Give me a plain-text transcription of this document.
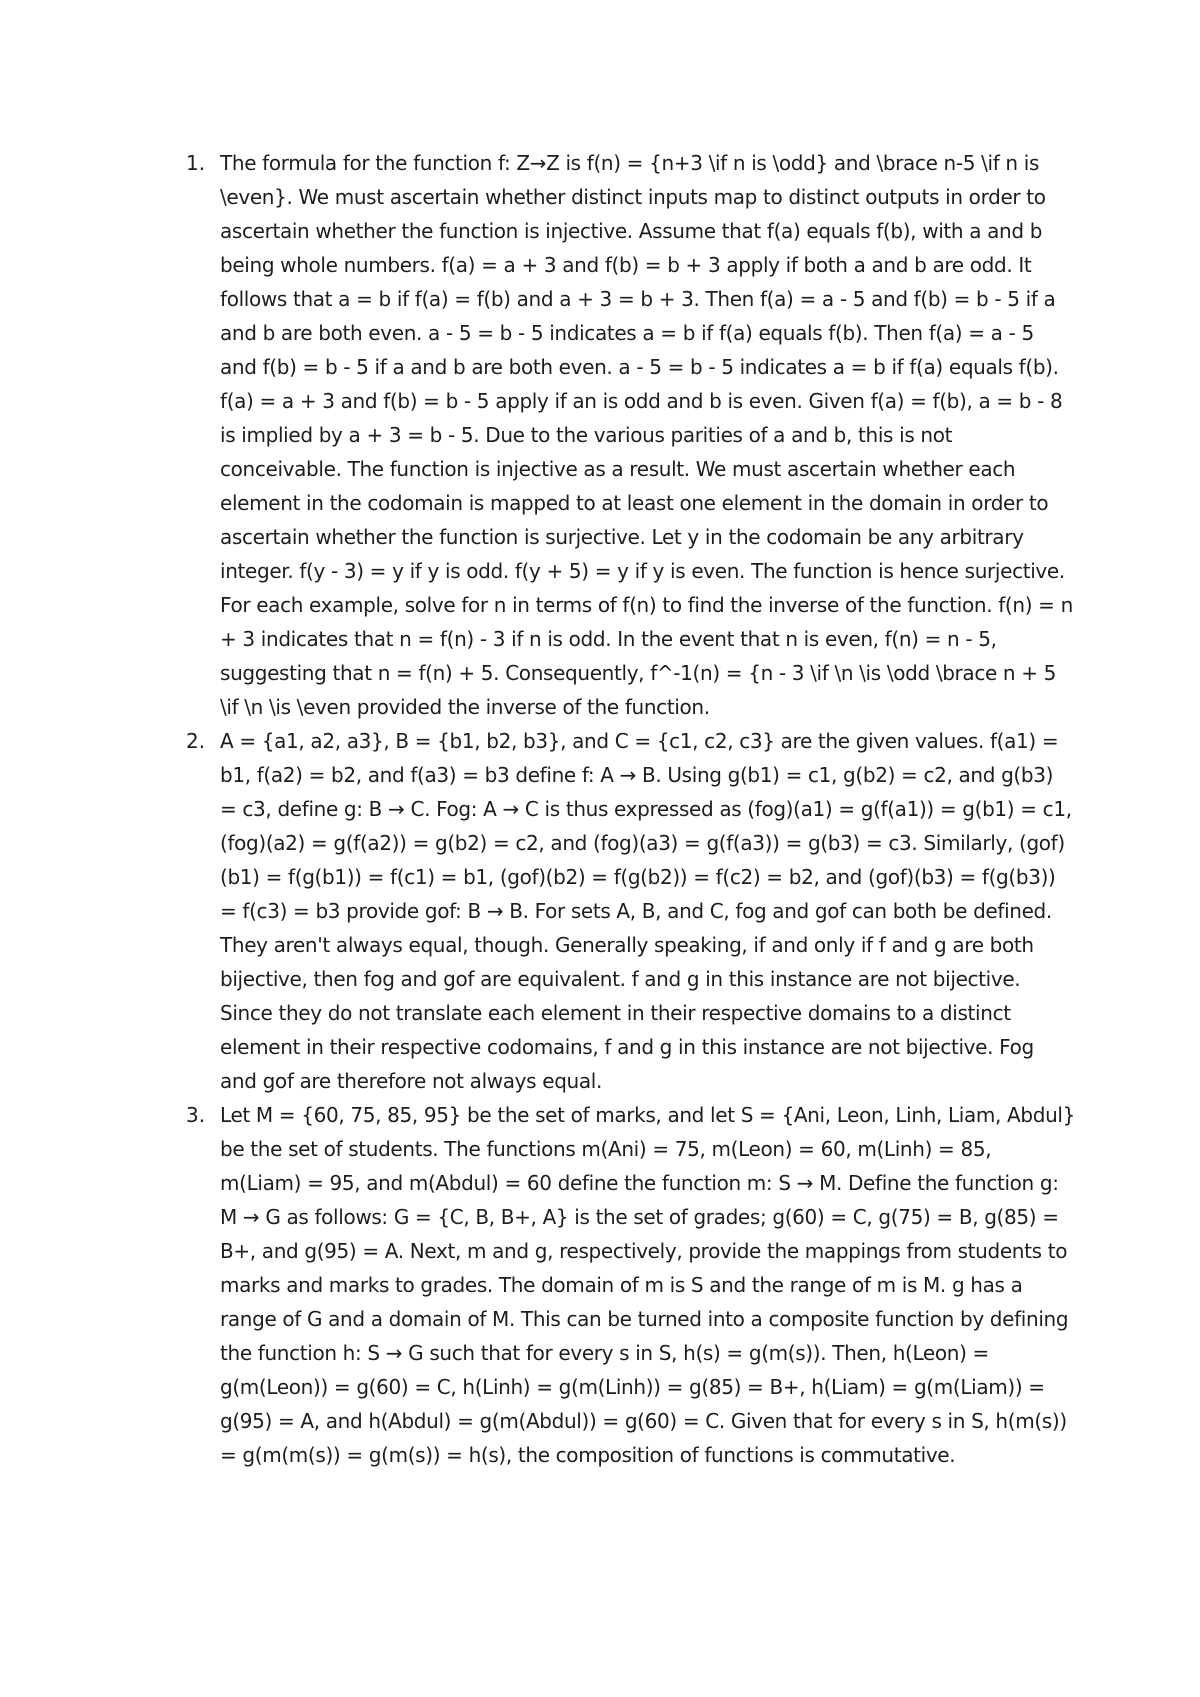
1. The formula for the function f: Z→Z is f(n) = {n+3 \if n is \odd} and \brace n-5 \if n is \even}. We must ascertain whether distinct inputs map to distinct outputs in order to ascertain whether the function is injective. Assume that f(a) equals f(b), with a and b being whole numbers. f(a) = a + 3 and f(b) = b + 3 apply if both a and b are odd. It follows that a = b if f(a) = f(b) and a + 3 = b + 3. Then f(a) = a - 5 and f(b) = b - 5 if a and b are both even. a - 5 = b - 5 indicates a = b if f(a) equals f(b). Then f(a) = a - 5 and f(b) = b - 5 if a and b are both even. a - 5 = b - 5 indicates a = b if f(a) equals f(b). f(a) = a + 3 and f(b) = b - 5 apply if an is odd and b is even. Given f(a) = f(b), a = b - 8 is implied by a + 3 = b - 5. Due to the various parities of a and b, this is not conceivable. The function is injective as a result. We must ascertain whether each element in the codomain is mapped to at least one element in the domain in order to ascertain whether the function is surjective. Let y in the codomain be any arbitrary integer. f(y - 3) = y if y is odd. f(y + 5) = y if y is even. The function is hence surjective. For each example, solve for n in terms of f(n) to find the inverse of the function. f(n) = n + 3 indicates that n = f(n) - 3 if n is odd. In the event that n is even, f(n) = n - 5, suggesting that n = f(n) + 5. Consequently, f^-1(n) = {n - 3 \if \n \is \odd \brace n + 5 \if \n \is \even provided the inverse of the function.
2. A = {a1, a2, a3}, B = {b1, b2, b3}, and C = {c1, c2, c3} are the given values. f(a1) = b1, f(a2) = b2, and f(a3) = b3 define f: A → B. Using g(b1) = c1, g(b2) = c2, and g(b3) = c3, define g: B → C. Fog: A → C is thus expressed as (fog)(a1) = g(f(a1)) = g(b1) = c1, (fog)(a2) = g(f(a2)) = g(b2) = c2, and (fog)(a3) = g(f(a3)) = g(b3) = c3. Similarly, (gof)(b1) = f(g(b1)) = f(c1) = b1, (gof)(b2) = f(g(b2)) = f(c2) = b2, and (gof)(b3) = f(g(b3)) = f(c3) = b3 provide gof: B → B. For sets A, B, and C, fog and gof can both be defined. They aren't always equal, though. Generally speaking, if and only if f and g are both bijective, then fog and gof are equivalent. f and g in this instance are not bijective. Since they do not translate each element in their respective domains to a distinct element in their respective codomains, f and g in this instance are not bijective. Fog and gof are therefore not always equal.
3. Let M = {60, 75, 85, 95} be the set of marks, and let S = {Ani, Leon, Linh, Liam, Abdul} be the set of students. The functions m(Ani) = 75, m(Leon) = 60, m(Linh) = 85, m(Liam) = 95, and m(Abdul) = 60 define the function m: S → M. Define the function g: M → G as follows: G = {C, B, B+, A} is the set of grades; g(60) = C, g(75) = B, g(85) = B+, and g(95) = A. Next, m and g, respectively, provide the mappings from students to marks and marks to grades. The domain of m is S and the range of m is M. g has a range of G and a domain of M. This can be turned into a composite function by defining the function h: S → G such that for every s in S, h(s) = g(m(s)). Then, h(Leon) = g(m(Leon)) = g(60) = C, h(Linh) = g(m(Linh)) = g(85) = B+, h(Liam) = g(m(Liam)) = g(95) = A, and h(Abdul) = g(m(Abdul)) = g(60) = C. Given that for every s in S, h(m(s)) = g(m(m(s)) = g(m(s)) = h(s), the composition of functions is commutative.
